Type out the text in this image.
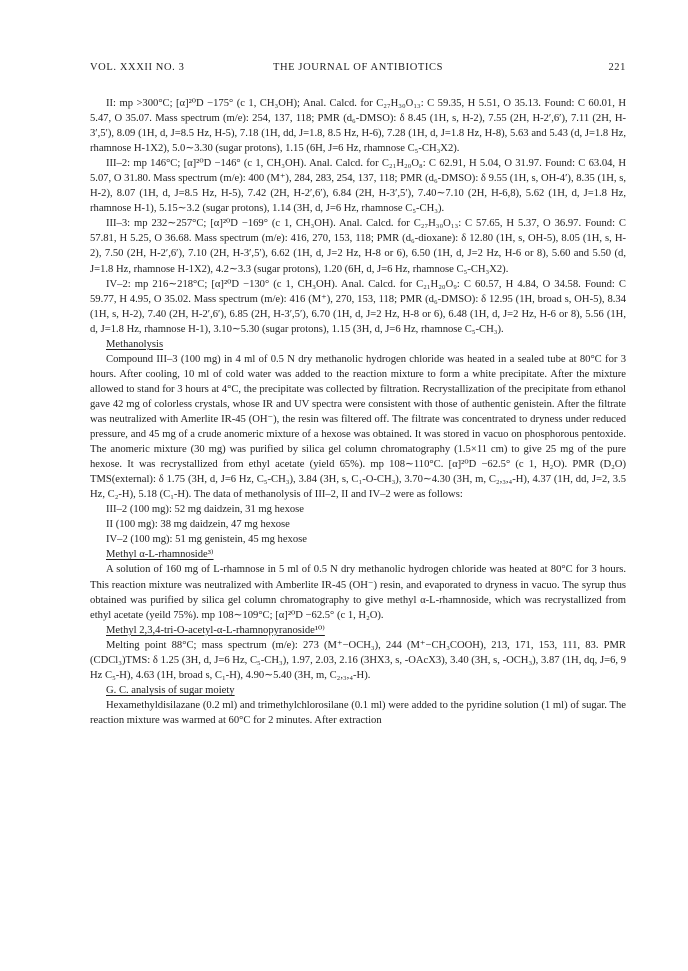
VOL. XXXII NO. 3	THE JOURNAL OF ANTIBIOTICS	221

II: mp >300°C; [α]²⁰D −175° (c 1, CH₃OH); Anal. Calcd. for C₂₇H₃₀O₁₃: C 59.35, H 5.51, O 35.13. Found: C 60.01, H 5.47, O 35.07. Mass spectrum (m/e): 254, 137, 118; PMR (d₆-DMSO): δ 8.45 (1H, s, H-2), 7.55 (2H, H-2′,6′), 7.11 (2H, H-3′,5′), 8.09 (1H, d, J=8.5 Hz, H-5), 7.18 (1H, dd, J=1.8, 8.5 Hz, H-6), 7.28 (1H, d, J=1.8 Hz, H-8), 5.63 and 5.43 (d, J=1.8 Hz, rhamnose H-1X2), 5.0∼3.30 (sugar protons), 1.15 (6H, J=6 Hz, rhamnose C₅-CH₃X2).

III–2: mp 146°C; [α]²⁰D −146° (c 1, CH₃OH). Anal. Calcd. for C₂₁H₂₀O₈: C 62.91, H 5.04, O 31.97. Found: C 63.04, H 5.07, O 31.80. Mass spectrum (m/e): 400 (M⁺), 284, 283, 254, 137, 118; PMR (d₆-DMSO): δ 9.55 (1H, s, OH-4′), 8.35 (1H, s, H-2), 8.07 (1H, d, J=8.5 Hz, H-5), 7.42 (2H, H-2′,6′), 6.84 (2H, H-3′,5′), 7.40∼7.10 (2H, H-6,8), 5.62 (1H, d, J=1.8 Hz, rhamnose H-1), 5.15∼3.2 (sugar protons), 1.14 (3H, d, J=6 Hz, rhamnose C₅-CH₃).

III–3: mp 232∼257°C; [α]²⁰D −169° (c 1, CH₃OH). Anal. Calcd. for C₂₇H₃₀O₁₃: C 57.65, H 5.37, O 36.97. Found: C 57.81, H 5.25, O 36.68. Mass spectrum (m/e): 416, 270, 153, 118; PMR (d₆-dioxane): δ 12.80 (1H, s, OH-5), 8.05 (1H, s, H-2), 7.50 (2H, H-2′,6′), 7.10 (2H, H-3′,5′), 6.62 (1H, d, J=2 Hz, H-8 or 6), 6.50 (1H, d, J=2 Hz, H-6 or 8), 5.60 and 5.50 (d, J=1.8 Hz, rhamnose H-1X2), 4.2∼3.3 (sugar protons), 1.20 (6H, d, J=6 Hz, rhamnose C₅-CH₃X2).

IV–2: mp 216∼218°C; [α]²⁰D −130° (c 1, CH₃OH). Anal. Calcd. for C₂₁H₂₀O₉: C 60.57, H 4.84, O 34.58. Found: C 59.77, H 4.95, O 35.02. Mass spectrum (m/e): 416 (M⁺), 270, 153, 118; PMR (d₆-DMSO): δ 12.95 (1H, broad s, OH-5), 8.34 (1H, s, H-2), 7.40 (2H, H-2′,6′), 6.85 (2H, H-3′,5′), 6.70 (1H, d, J=2 Hz, H-8 or 6), 6.48 (1H, d, J=2 Hz, H-6 or 8), 5.56 (1H, d, J=1.8 Hz, rhamnose H-1), 3.10∼5.30 (sugar protons), 1.15 (3H, d, J=6 Hz, rhamnose C₅-CH₃).

Methanolysis

Compound III–3 (100 mg) in 4 ml of 0.5 N dry methanolic hydrogen chloride was heated in a sealed tube at 80°C for 3 hours. After cooling, 10 ml of cold water was added to the reaction mixture to form a white precipitate. After the mixture allowed to stand for 3 hours at 4°C, the precipitate was collected by filtration. Recrystallization of the precipitate from ethanol gave 42 mg of colorless crystals, whose IR and UV spectra were consistent with those of authentic genistein. After the filtrate was neutralized with Amerlite IR-45 (OH⁻), the resin was filtered off. The filtrate was concentrated to dryness under reduced pressure, and 45 mg of a crude anomeric mixture of a hexose was obtained. It was stored in vacuo on phosphorous pentoxide. The anomeric mixture (30 mg) was purified by silica gel column chromatography (1.5×11 cm) to give 25 mg of the pure hexose. It was recrystallized from ethyl acetate (yield 65%). mp 108∼110°C. [α]²⁰D −62.5° (c 1, H₂O). PMR (D₂O) TMS(external): δ 1.75 (3H, d, J=6 Hz, C₅-CH₃), 3.84 (3H, s, C₁-O-CH₃), 3.70∼4.30 (3H, m, C₂,₃,₄-H), 4.37 (1H, dd, J=2, 3.5 Hz, C₂-H), 5.18 (C₁-H). The data of methanolysis of III–2, II and IV–2 were as follows:

III–2 (100 mg): 52 mg daidzein, 31 mg hexose

II (100 mg): 38 mg daidzein, 47 mg hexose

IV–2 (100 mg): 51 mg genistein, 45 mg hexose

Methyl α-L-rhamnoside³⁾

A solution of 160 mg of L-rhamnose in 5 ml of 0.5 N dry methanolic hydrogen chloride was heated at 80°C for 3 hours. This reaction mixture was neutralized with Amberlite IR-45 (OH⁻) resin, and evaporated to dryness in vacuo. The syrup thus obtained was purified by silica gel column chromatography to give methyl α-L-rhamnoside, which was recrystallized from ethyl acetate (yeild 75%). mp 108∼109°C; [α]²⁰D −62.5° (c 1, H₂O).

Methyl 2,3,4-tri-O-acetyl-α-L-rhamnopyranoside¹⁰⁾

Melting point 88°C; mass spectrum (m/e): 273 (M⁺−OCH₃), 244 (M⁺−CH₃COOH), 213, 171, 153, 111, 83. PMR (CDCl₃)TMS: δ 1.25 (3H, d, J=6 Hz, C₅-CH₃), 1.97, 2.03, 2.16 (3HX3, s, -OAcX3), 3.40 (3H, s, -OCH₃), 3.87 (1H, dq, J=6, 9 Hz C₅-H), 4.63 (1H, broad s, C₁-H), 4.90∼5.40 (3H, m, C₂,₃,₄-H).

G. C. analysis of sugar moiety

Hexamethyldisilazane (0.2 ml) and trimethylchlorosilane (0.1 ml) were added to the pyridine solution (1 ml) of sugar. The reaction mixture was warmed at 60°C for 2 minutes. After extraction
